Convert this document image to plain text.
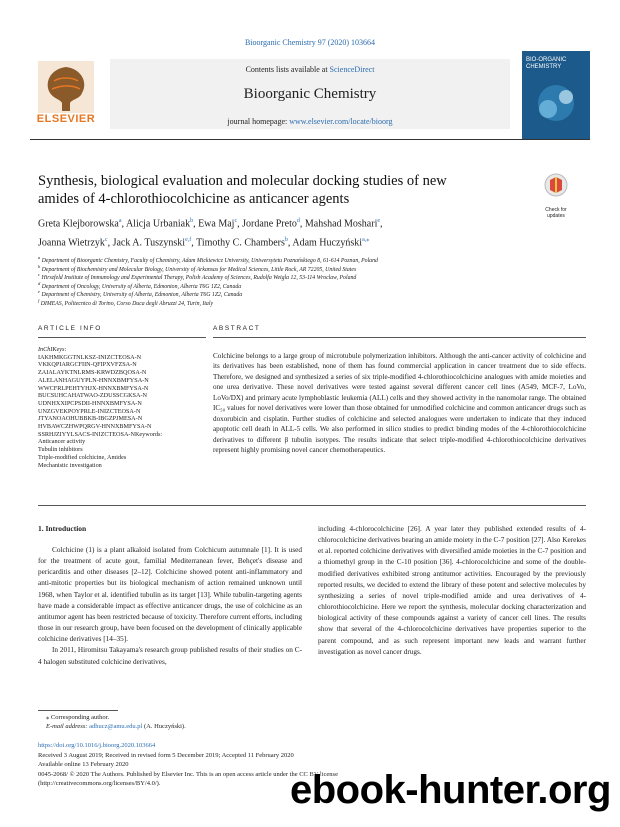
Bioorganic Chemistry 97 (2020) 103664
ELSEVIER
Contents lists available at ScienceDirect
Bioorganic Chemistry
journal homepage: www.elsevier.com/locate/bioorg
BIO-ORGANIC CHEMISTRY
Synthesis, biological evaluation and molecular docking studies of new amides of 4-chlorothiocolchicine as anticancer agents
Check for updates
Greta Klejborowska$^a$, Alicja Urbaniak$^b$, Ewa Maj$^c$, Jordane Preto$^d$, Mahshad Moshari$^e$,
Joanna Wietrzyk$^c$, Jack A. Tuszynski$^{e,f}$, Timothy C. Chambers$^b$, Adam Huczyński$^{a,⁎}$
$^a$ Department of Bioorganic Chemistry, Faculty of Chemistry, Adam Mickiewicz University, Uniwersytetu Poznańskiego 8, 61-614 Poznan, Poland
$^b$ Department of Biochemistry and Molecular Biology, University of Arkansas for Medical Sciences, Little Rock, AR 72205, United States
$^c$ Hirszfeld Institute of Immunology and Experimental Therapy, Polish Academy of Sciences, Rudolfa Weigla 12, 53-114 Wroclaw, Poland
$^d$ Department of Oncology, University of Alberta, Edmonton, Alberta T6G 1Z2, Canada
$^e$ Department of Chemistry, University of Alberta, Edmonton, Alberta T6G 1Z2, Canada
$^f$ DIMEAS, Politecnico di Torino, Corso Duca degli Abruzzi 24, Turin, Italy
ARTICLE INFO	ABSTRACT
InChIKeys:
IAKHMKGGTNLKSZ-INIZCTEOSA-N
VKKQPIARGCFIIN-QFIPXVFZSA-N
ZAIALAYKTNLRMS-KRWDZBQOSA-N
ALELANHAGUYPLN-HNNXBMFYSA-N
WWCFRLPEHTYHJX-HNNXBMFYSA-N
BUCSUHCAHATWAO-ZDUSSCGKSA-N
UDNHXXIPCPSDII-HNNXBMFYSA-N
UNZGVEKPOYPRLE-INIZCTEOSA-N
JTYANOAOHUBBKB-IBGZPJMESA-N
HVBAWCZHWPQRGV-HNNXBMFYSA-N
SSRHJZIYYLSACS-INIZCTEOSA-NKeywords:
Anticancer activity
Tubulin inhibitors
Triple-modified colchicine, Amides
Mechanistic investigation
Colchicine belongs to a large group of microtubule polymerization inhibitors. Although the anti-cancer activity of colchicine and its derivatives has been established, none of them has found commercial application in cancer treatment due to side effects. Therefore, we designed and synthesized a series of six triple-modified 4-chlorothiocolchicine analogues with amide moieties and one urea derivative. These novel derivatives were tested against several different cancer cell lines (A549, MCF-7, LoVo, LoVo/DX) and primary acute lymphoblastic leukemia (ALL) cells and they showed activity in the nanomolar range. The obtained IC₅₀ values for novel derivatives were lower than those obtained for unmodified colchicine and common anticancer drugs such as doxorubicin and cisplatin. Further studies of colchicine and selected analogues were undertaken to indicate that they induced apoptotic cell death in ALL-5 cells. We also performed in silico studies to predict binding modes of the 4-chlorothiocolchicine derivatives to different β tubulin isotypes. The results indicate that select triple-modified 4-chlorothiocolchicine derivatives represent highly promising novel cancer chemotherapeutics.
1. Introduction
Colchicine (1) is a plant alkaloid isolated from Colchicum autumnale [1]. It is used for the treatment of acute gout, familial Mediterranean fever, Behçet's disease and pericarditis and other diseases [2–12]. Colchicine showed potent anti-inflammatory and anti-mitotic properties but its biological mechanism of action remained unknown until 1968, when Taylor et al. identified tubulin as its target [13]. While tubulin-targeting agents have made a considerable impact as effective anticancer drugs, the use of colchicine as an antitumor agent has been restricted because of toxicity. Therefore current efforts, including those in our research group, have been focused on the development of clinically applicable colchicine derivatives [14–35].
In 2011, Hiromitsu Takayama's research group published results of their studies on C-4 halogen substituted colchicine derivatives,
including 4-chlorocolchicine [26]. A year later they published extended results of 4-chlorocolchicine derivatives bearing an amide moiety in the C-7 position [27]. Also Kerekes et al. reported colchicine derivatives with diversified amide moieties in the C-7 position and a thiomethyl group in the C-10 position [36]. 4-chlorocolchicine and some of the double-modified derivatives exhibited strong antitumor activities. Encouraged by the previously reported results, we decided to extend the library of these potent and selective molecules by synthesizing a series of novel triple-modified amide and urea derivatives of 4-chlorothiocolchicine. Here we report the synthesis, molecular docking characterization and biological activity of these compounds against a variety of cancer cell lines. The results show that several of the 4-chlorocolchicine derivatives have properties superior to the parent compound, and as such represent important new leads and warrant further investigation as novel cancer drugs.
⁎ Corresponding author.
E-mail address: adhucz@amu.edu.pl (A. Huczyński).
https://doi.org/10.1016/j.bioorg.2020.103664
Received 3 August 2019; Received in revised form 5 December 2019; Accepted 11 February 2020
Available online 13 February 2020
0045-2068/ © 2020 The Authors. Published by Elsevier Inc. This is an open access article under the CC BY license
(http://creativecommons.org/licenses/BY/4.0/).	ebook-hunter.org
